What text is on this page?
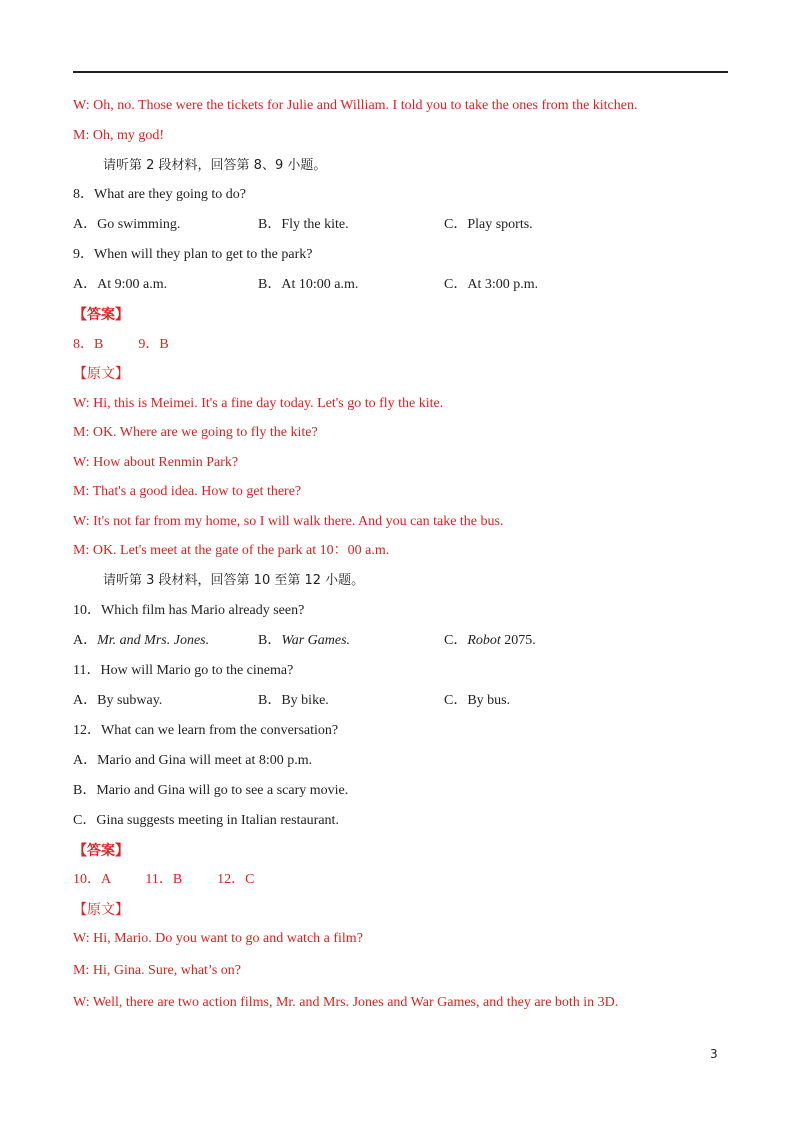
W: Oh, no. Those were the tickets for Julie and William. I told you to take the ones from the kitchen.
M: Oh, my god!
请听第 2 段材料，回答第 8、9 小题。
8．What are they going to do?
A．Go swimming.	B．Fly the kite.	C．Play sports.
9．When will they plan to get to the park?
A．At 9:00 a.m.	B．At 10:00 a.m.	C．At 3:00 p.m.
【答案】
8．B          9．B
【原文】
W: Hi, this is Meimei. It's a fine day today. Let's go to fly the kite.
M: OK. Where are we going to fly the kite?
W: How about Renmin Park?
M: That's a good idea. How to get there?
W: It's not far from my home, so I will walk there. And you can take the bus.
M: OK. Let's meet at the gate of the park at 10：00 a.m.
请听第 3 段材料，回答第 10 至第 12 小题。
10．Which film has Mario already seen?
A．Mr. and Mrs. Jones.	B．War Games.	C．Robot 2075.
11．How will Mario go to the cinema?
A．By subway.	B．By bike.	C．By bus.
12．What can we learn from the conversation?
A．Mario and Gina will meet at 8:00 p.m.
B．Mario and Gina will go to see a scary movie.
C．Gina suggests meeting in Italian restaurant.
【答案】
10．A          11．B          12．C
【原文】
W: Hi, Mario. Do you want to go and watch a film?
M: Hi, Gina. Sure, what’s on?
W: Well, there are two action films, Mr. and Mrs. Jones and War Games, and they are both in 3D.
3
